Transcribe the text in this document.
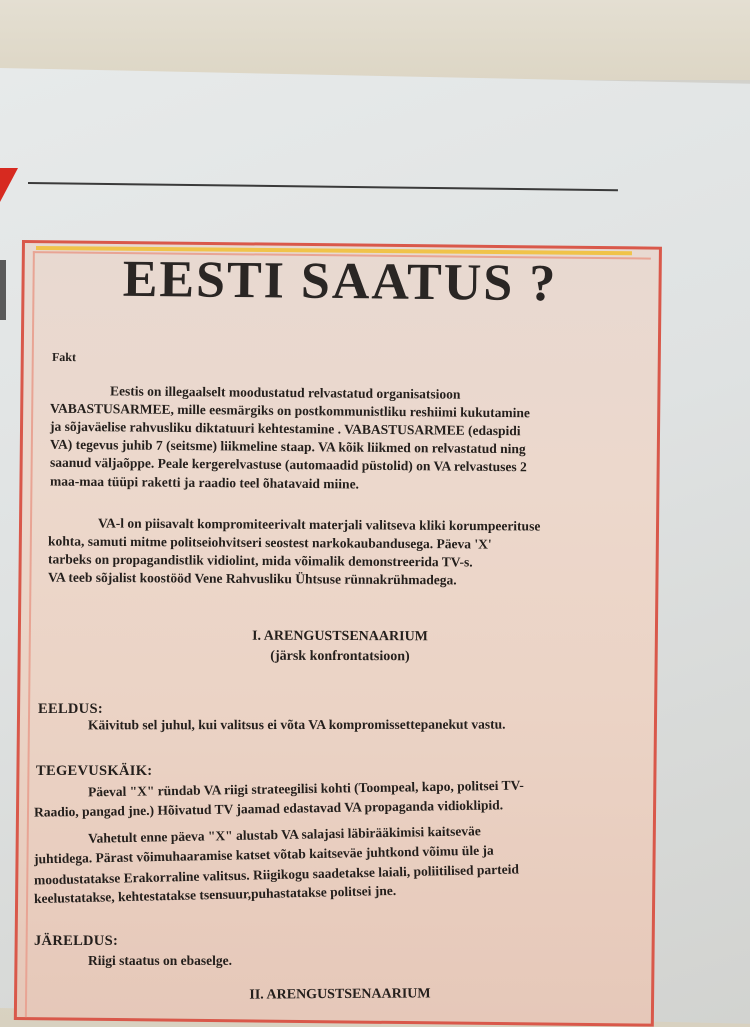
EESTI SAATUS ?
Fakt
Eestis on illegaalselt moodustatud relvastatud organisatsioon
VABASTUSARMEE, mille eesmärgiks on postkommunistliku reshiimi kukutamine
ja sõjaväelise rahvusliku diktatuuri kehtestamine . VABASTUSARMEE (edaspidi
VA) tegevus juhib 7 (seitsme) liikmeline staap. VA kõik liikmed on relvastatud ning
saanud väljaõppe. Peale kergerelvastuse (automaadid püstolid) on VA relvastuses 2
maa-maa tüüpi raketti ja raadio teel õhatavaid miine.
VA-l on piisavalt kompromiteerivalt materjali valitseva kliki korumpeerituse
kohta, samuti mitme politseiohvitseri seostest narkokaubandusega. Päeva 'X'
tarbeks on propagandistlik vidiolint, mida võimalik demonstreerida TV-s.
VA teeb sõjalist koostööd Vene Rahvusliku Ühtsuse rünnakrühmadega.
I. ARENGUSTSENAARIUM
(järsk konfrontatsioon)
EELDUS:
Käivitub sel juhul, kui valitsus ei võta VA kompromissettepanekut vastu.
TEGEVUSKÄIK:
Päeval "X" ründab VA riigi strateegilisi kohti (Toompeal, kapo, politsei TV-
Raadio, pangad jne.) Hõivatud TV jaamad edastavad VA propaganda vidioklipid.
Vahetult enne päeva "X" alustab VA salajasi läbirääkimisi kaitseväe
juhtidega. Pärast võimuhaaramise katset võtab kaitseväe juhtkond võimu üle ja
moodustatakse Erakorraline valitsus. Riigikogu saadetakse laiali, poliitilised parteid
keelustatakse, kehtestatakse tsensuur,puhastatakse politsei jne.
JÄRELDUS:
Riigi staatus on ebaselge.
II. ARENGUSTSENAARIUM
